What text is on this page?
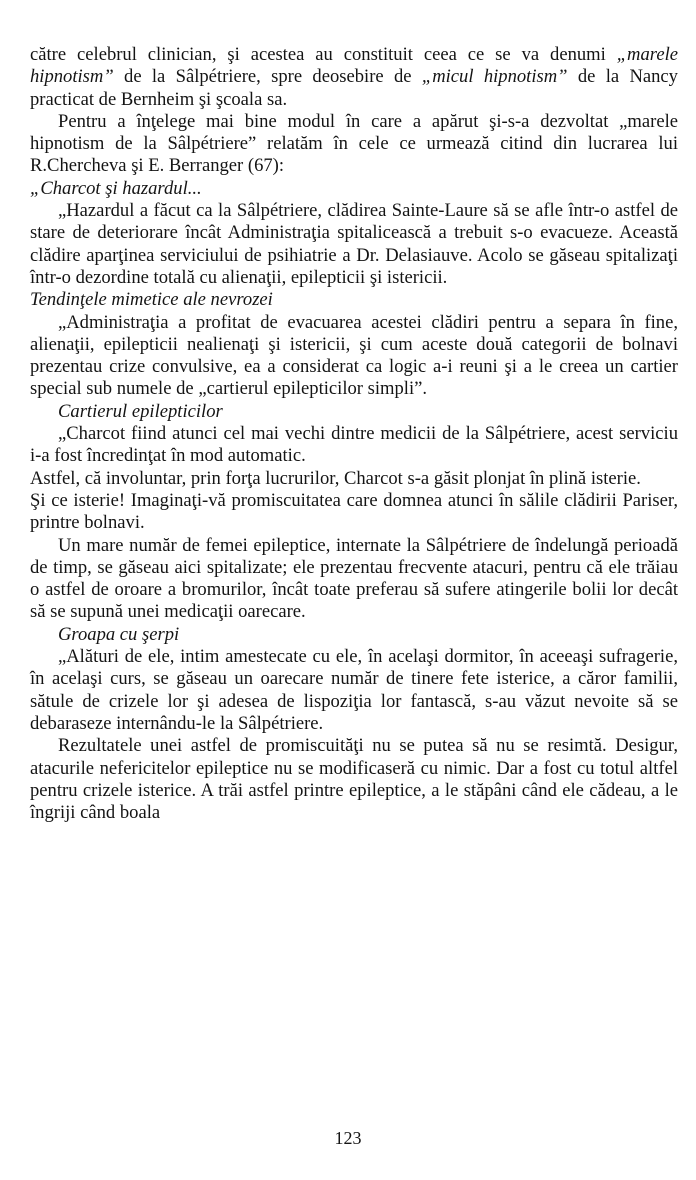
către celebrul clinician, şi acestea au constituit ceea ce se va denumi „marele hipnotism” de la Sâlpétriere, spre deosebire de „micul hipnotism” de la Nancy practicat de Bernheim şi şcoala sa.

Pentru a înţelege mai bine modul în care a apărut şi-s-a dezvoltat „marele hipnotism de la Sâlpétriere” relatăm în cele ce urmează citind din lucrarea lui R.Chercheva şi E. Berranger (67):

„Charcot şi hazardul...

„Hazardul a făcut ca la Sâlpétriere, clădirea Sainte-Laure să se afle într-o astfel de stare de deteriorare încât Administraţia spitalicească a trebuit s-o evacueze. Această clădire aparţinea serviciului de psihiatrie a Dr. Delasiauve. Acolo se găseau spitalizaţi într-o dezordine totală cu alienaţii, epilepticii şi istericii.

Tendinţele mimetice ale nevrozei

„Administraţia a profitat de evacuarea acestei clădiri pentru a separa în fine, alienaţii, epilepticii nealienaţi şi istericii, şi cum aceste două categorii de bolnavi prezentau crize convulsive, ea a considerat ca logic a-i reuni şi a le creea un cartier special sub numele de „cartierul epilepticilor simpli”.

Cartierul epilepticilor

„Charcot fiind atunci cel mai vechi dintre medicii de la Sâlpétriere, acest serviciu i-a fost încredinţat în mod automatic.

Astfel, că involuntar, prin forţa lucrurilor, Charcot s-a găsit plonjat în plină isterie.

Şi ce isterie! Imaginaţi-vă promiscuitatea care domnea atunci în sălile clădirii Pariser, printre bolnavi.

Un mare număr de femei epileptice, internate la Sâlpétriere de îndelungă perioadă de timp, se găseau aici spitalizate; ele prezentau frecvente atacuri, pentru că ele trăiau o astfel de oroare a bromurilor, încât toate preferau să sufere atingerile bolii lor decât să se supună unei medicaţii oarecare.

Groapa cu şerpi

„Alături de ele, intim amestecate cu ele, în acelaşi dormitor, în aceeaşi sufragerie, în acelaşi curs, se găseau un oarecare număr de tinere fete isterice, a căror familii, sătule de crizele lor şi adesea de lispoziţia lor fantască, s-au văzut nevoite să se debaraseze internându-le la Sâlpétriere.

Rezultatele unei astfel de promiscuităţi nu se putea să nu se resimtă. Desigur, atacurile nefericitelor epileptice nu se modificaseră cu nimic. Dar a fost cu totul altfel pentru crizele isterice. A trăi astfel printre epileptice, a le stăpâni când ele cădeau, a le îngriji când boala

123
